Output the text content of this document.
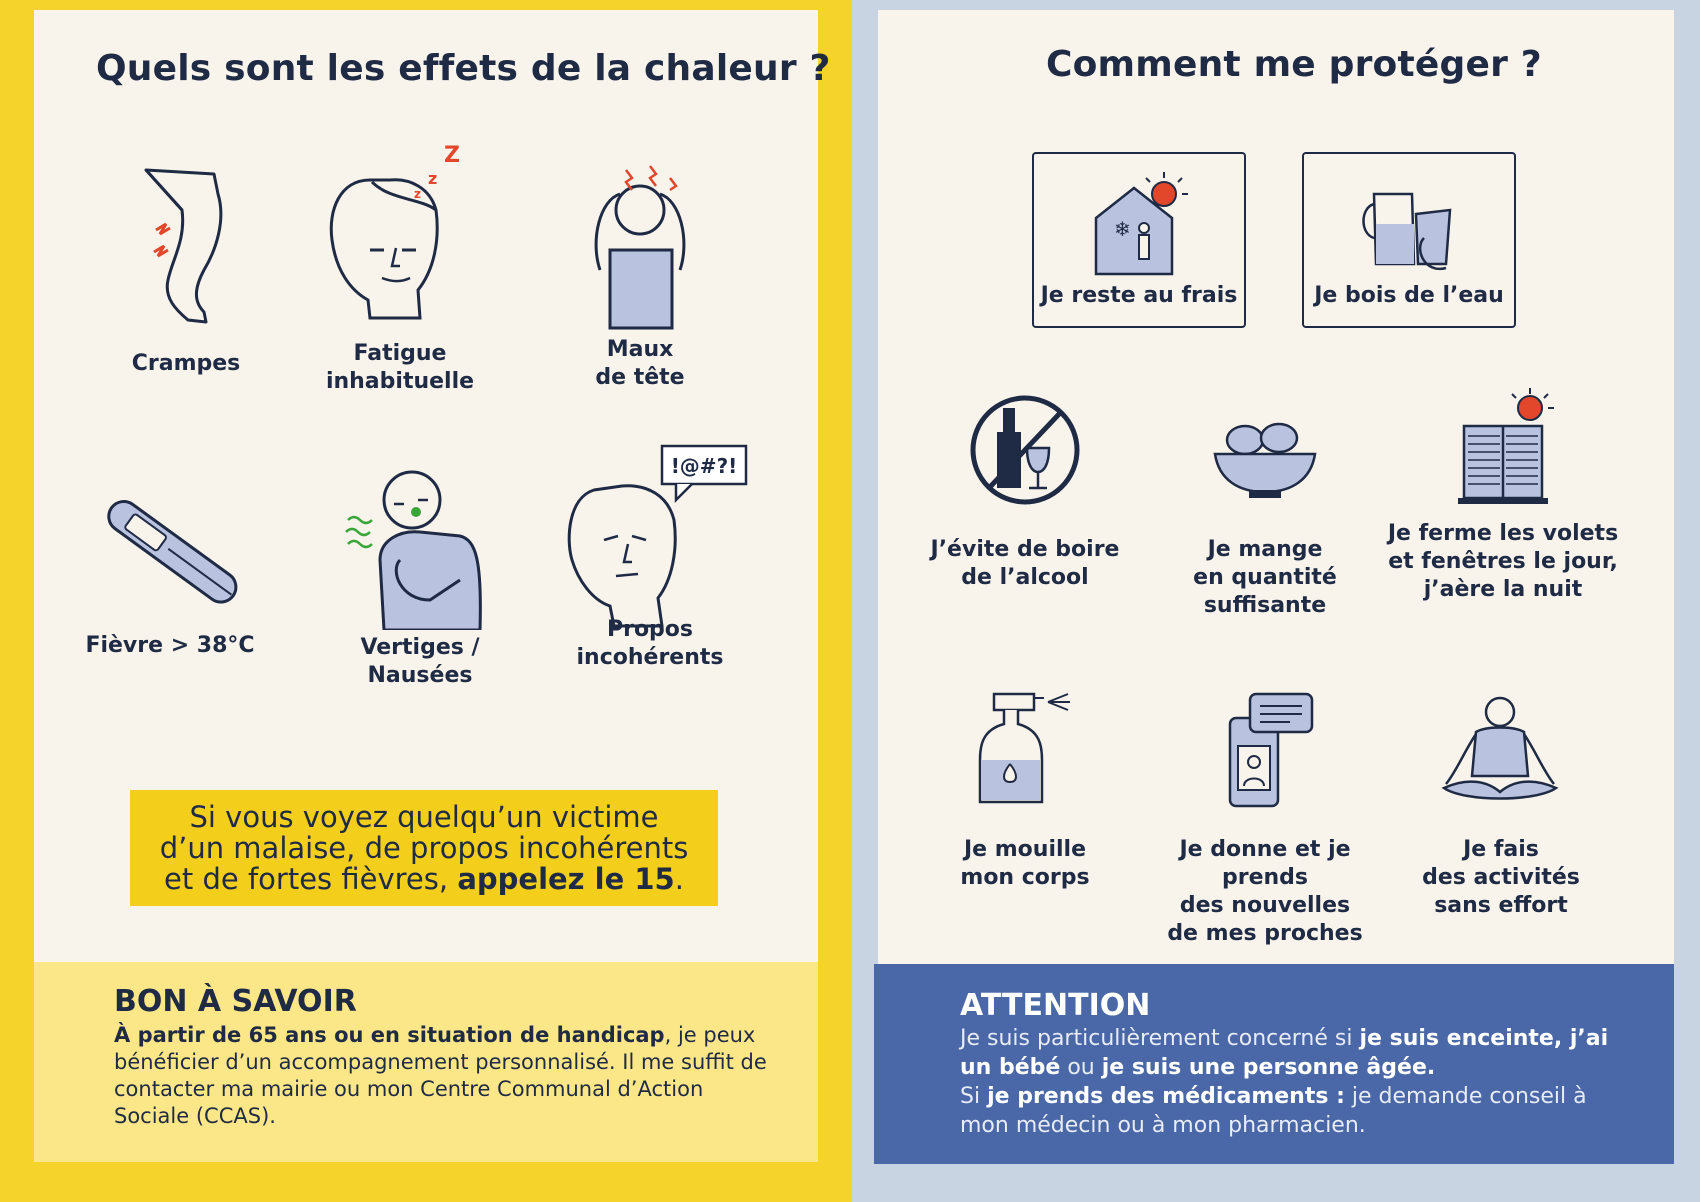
Quels sont les effets de la chaleur ?
Crampes
Z
z
z
Fatigue
inhabituelle
Maux
de tête
Fièvre > 38°C	Vertiges /
Nausées
!@#?!
Propos
incohérents
Si vous voyez quelqu’un victime
d’un malaise, de propos incohérents
et de fortes fièvres, appelez le 15.
BON À SAVOIR
À partir de 65 ans ou en situation de handicap, je peux bénéficier d’un accompagnement personnalisé. Il me suffit de contacter ma mairie ou mon Centre Communal d’Action Sociale (CCAS).
Comment me protéger ?
❄
Je reste au frais	Je bois de l’eau
J’évite de boire
de l’alcool
Je mange
en quantité
suffisante
Je ferme les volets
et fenêtres le jour,
j’aère la nuit
Je mouille
mon corps
Je donne et je prends
des nouvelles
de mes proches
Je fais
des activités
sans effort
ATTENTION
Je suis particulièrement concerné si je suis enceinte, j’ai un bébé ou je suis une personne âgée.
Si je prends des médicaments : je demande conseil à mon médecin ou à mon pharmacien.
